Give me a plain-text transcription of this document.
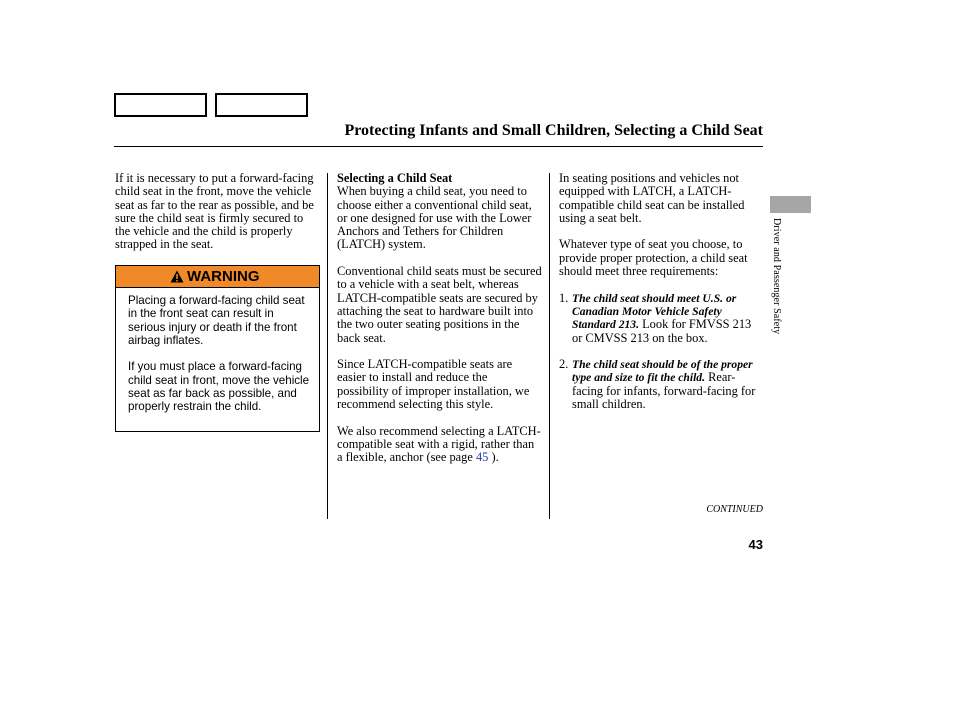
Protecting Infants and Small Children, Selecting a Child Seat

If it is necessary to put a forward-facing child seat in the front, move the vehicle seat as far to the rear as possible, and be sure the child seat is firmly secured to the vehicle and the child is properly strapped in the seat.

WARNING

Placing a forward-facing child seat in the front seat can result in serious injury or death if the front airbag inflates.

If you must place a forward-facing child seat in front, move the vehicle seat as far back as possible, and properly restrain the child.

Selecting a Child Seat

When buying a child seat, you need to choose either a conventional child seat, or one designed for use with the Lower Anchors and Tethers for Children (LATCH) system.

Conventional child seats must be secured to a vehicle with a seat belt, whereas LATCH-compatible seats are secured by attaching the seat to hardware built into the two outer seating positions in the back seat.

Since LATCH-compatible seats are easier to install and reduce the possibility of improper installation, we recommend selecting this style.

We also recommend selecting a LATCH-compatible seat with a rigid, rather than a flexible, anchor (see page 45 ).

In seating positions and vehicles not equipped with LATCH, a LATCH-compatible child seat can be installed using a seat belt.

Whatever type of seat you choose, to provide proper protection, a child seat should meet three requirements:

1. The child seat should meet U.S. or Canadian Motor Vehicle Safety Standard 213. Look for FMVSS 213 or CMVSS 213 on the box.
2. The child seat should be of the proper type and size to fit the child. Rear-facing for infants, forward-facing for small children.
Driver and Passenger Safety
CONTINUED
43
